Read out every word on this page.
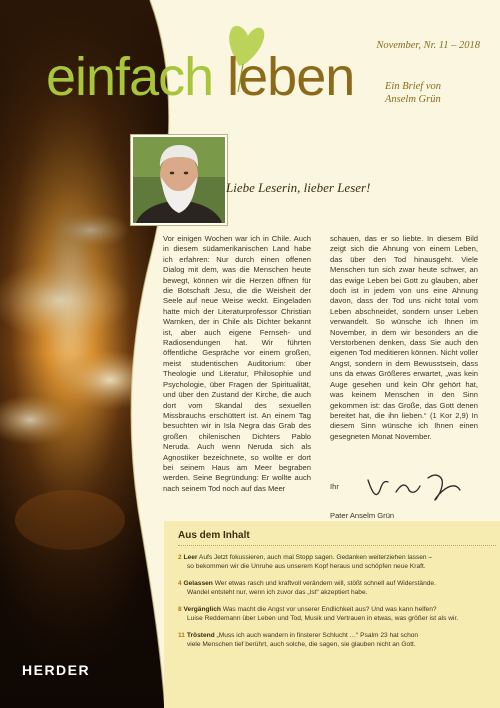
November, Nr. 11 – 2018
einfach leben	Ein Brief von
Anselm Grün
Liebe Leserin, lieber Leser!
Vor einigen Wochen war ich in Chile. Auch in diesem südamerikanischen Land habe ich erfahren: Nur durch einen offenen Dialog mit dem, was die Menschen heute bewegt, können wir die Herzen öffnen für die Botschaft Jesu, die die Weisheit der Seele auf neue Weise weckt. Eingeladen hatte mich der Literaturprofessor Christian Warnken, der in Chile als Dichter bekannt ist, aber auch eigene Fernseh- und Radiosendungen hat. Wir führten öffentliche Gespräche vor einem großen, meist studentischen Auditorium: über Theologie und Literatur, Philosophie und Psychologie, über Fragen der Spiritualität, und über den Zustand der Kirche, die auch dort vom Skandal des sexuellen Missbrauchs erschüttert ist. An einem Tag besuchten wir in Isla Negra das Grab des großen chilenischen Dichters Pablo Neruda. Auch wenn Neruda sich als Agnostiker bezeichnete, so wollte er dort bei seinem Haus am Meer begraben werden. Seine Begründung: Er wollte auch nach seinem Tod noch auf das Meer
schauen, das er so liebte. In diesem Bild zeigt sich die Ahnung von einem Leben, das über den Tod hinausgeht. Viele Menschen tun sich zwar heute schwer, an das ewige Leben bei Gott zu glauben, aber doch ist in jedem von uns eine Ahnung davon, dass der Tod uns nicht total vom Leben abschneidet, sondern unser Leben verwandelt. So wünsche ich Ihnen im November, in dem wir besonders an die Verstorbenen denken, dass Sie auch den eigenen Tod meditieren können. Nicht voller Angst, sondern in dem Bewusstsein, dass uns da etwas Größeres erwartet, „was kein Auge gesehen und kein Ohr gehört hat, was keinem Menschen in den Sinn gekommen ist: das Große, das Gott denen bereitet hat, die ihn lieben.“ (1 Kor 2,9) In diesem Sinn wünsche ich Ihnen einen gesegneten Monat November.
Ihr
Pater Anselm Grün
Aus dem Inhalt
2 Leer Aufs Jetzt fokussieren, auch mal Stopp sagen. Gedanken weiterziehen lassen –
so bekommen wir die Unruhe aus unserem Kopf heraus und schöpfen neue Kraft.
4 Gelassen Wer etwas rasch und kraftvoll verändern will, stößt schnell auf Widerstände.
Wandel entsteht nur, wenn ich zuvor das „Ist“ akzeptiert habe.
8 Vergänglich Was macht die Angst vor unserer Endlichkeit aus? Und was kann helfen?
Luise Reddemann über Leben und Tod, Musik und Vertrauen in etwas, was größer ist als wir.
11 Tröstend „Muss ich auch wandern in finsterer Schlucht …“ Psalm 23 hat schon
viele Menschen tief berührt, auch solche, die sagen, sie glauben nicht an Gott.
HERDER
